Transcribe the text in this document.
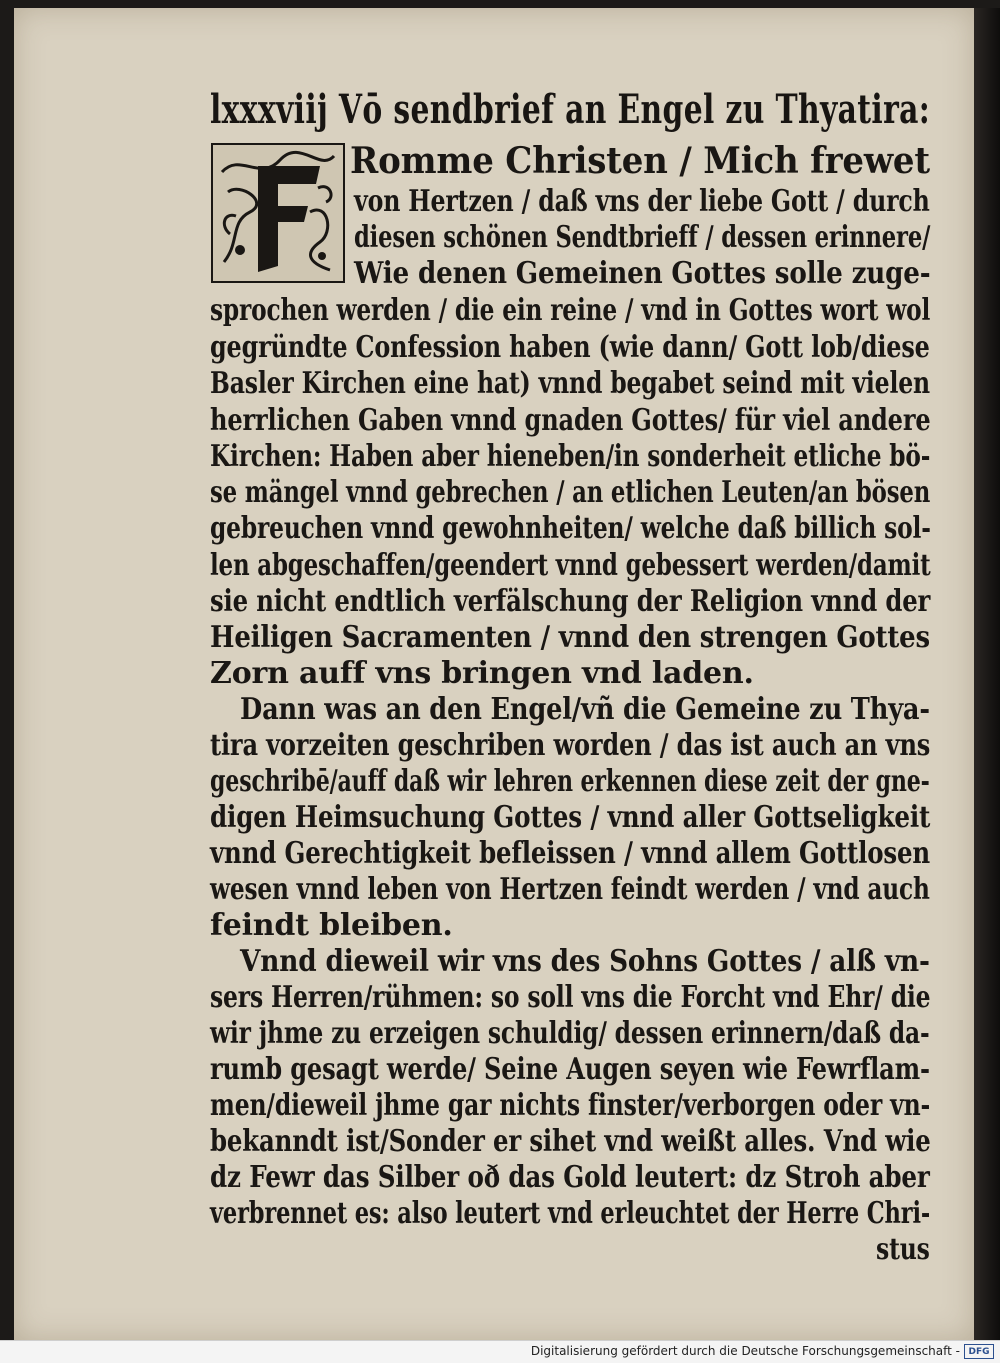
lxxxviij Vō sendbrief an Engel zu Thyatira:
Romme Christen / Mich frewet
von Hertzen / daß vns der liebe Gott / durch
diesen schönen Sendtbrieff / dessen erinnere/
Wie denen Gemeinen Gottes solle zuge-
sprochen werden / die ein reine / vnd in Gottes wort wol
gegründte Confession haben (wie dann/ Gott lob/diese
Basler Kirchen eine hat) vnnd begabet seind mit vielen
herrlichen Gaben vnnd gnaden Gottes/ für viel andere
Kirchen: Haben aber hieneben/in sonderheit etliche bö-
se mängel vnnd gebrechen / an etlichen Leuten/an bösen
gebreuchen vnnd gewohnheiten/ welche daß billich sol-
len abgeschaffen/geendert vnnd gebessert werden/damit
sie nicht endtlich verfälschung der Religion vnnd der
Heiligen Sacramenten / vnnd den strengen Gottes
Zorn auff vns bringen vnd laden.
Dann was an den Engel/vñ die Gemeine zu Thya-
tira vorzeiten geschriben worden / das ist auch an vns
geschribē/auff daß wir lehren erkennen diese zeit der gne-
digen Heimsuchung Gottes / vnnd aller Gottseligkeit
vnnd Gerechtigkeit befleissen / vnnd allem Gottlosen
wesen vnnd leben von Hertzen feindt werden / vnd auch
feindt bleiben.
Vnnd dieweil wir vns des Sohns Gottes / alß vn-
sers Herren/rühmen: so soll vns die Forcht vnd Ehr/ die
wir jhme zu erzeigen schuldig/ dessen erinnern/daß da-
rumb gesagt werde/ Seine Augen seyen wie Fewrflam-
men/dieweil jhme gar nichts finster/verborgen oder vn-
bekanndt ist/Sonder er sihet vnd weißt alles. Vnd wie
dz Fewr das Silber oð das Gold leutert: dz Stroh aber
verbrennet es: also leutert vnd erleuchtet der Herre Chri-
stus
Digitalisierung gefördert durch die Deutsche Forschungsgemeinschaft - DFG
